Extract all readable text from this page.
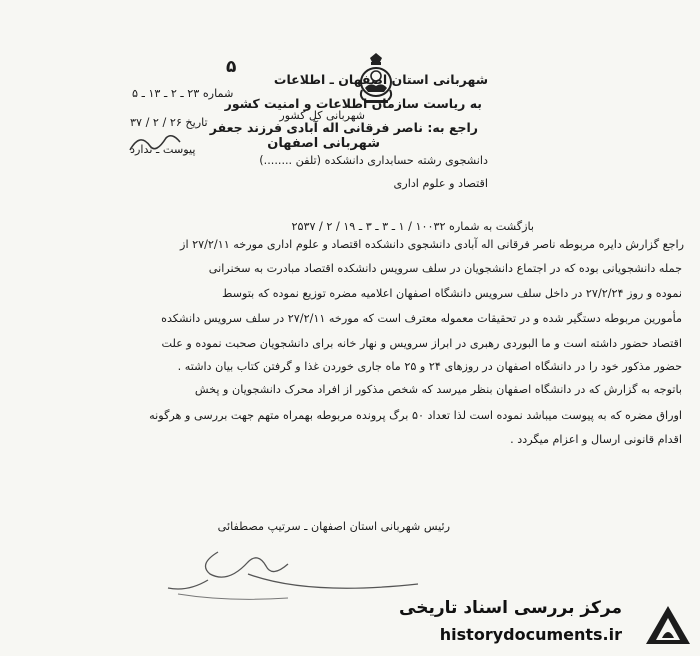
۵
شهربانی استان اصفهان ـ اطلاعات
به ریاست سازمان اطلاعات و امنیت کشور
شهربانی کل کشور
راجع به: ناصر فرقانی اله آبادی فرزند جعفر
شهربانی اصفهان
شماره ۲۳ ـ ۲ ـ ۱۳ ـ ۵
تاریخ ۲۶ / ۲ / ۳۷
پیوست ـ ندارد
دانشجوی رشته حسابداری دانشکده (تلفن ........)
اقتصاد و علوم اداری
بازگشت به شماره ۱۰۰۳۲ / ۱ ـ ۳ ـ ۳ ـ ۱۹ / ۲ / ۲۵۳۷
راجع گزارش دایره مربوطه ناصر فرقانی اله آبادی دانشجوی دانشکده اقتصاد و علوم اداری مورخه ۲۷/۲/۱۱ از
جمله دانشجویانی بوده که در اجتماع دانشجویان در سلف سرویس دانشکده اقتصاد مبادرت به سخنرانی
نموده و روز ۲۷/۲/۲۴ در داخل سلف سرویس دانشگاه اصفهان اعلامیه مضره توزیع نموده که بتوسط
مأمورین مربوطه دستگیر شده و در تحقیقات معموله معترف است که مورخه ۲۷/۲/۱۱ در سلف سرویس دانشکده
اقتصاد حضور داشته است و ما البوردی رهبری در ابراز سرویس و نهار خانه برای دانشجویان صحبت نموده و علت
حضور مذکور خود را در دانشگاه اصفهان در روزهای ۲۴ و ۲۵ ماه جاری خوردن غذا و گرفتن کتاب بیان داشته .
باتوجه به گزارش که در دانشگاه اصفهان بنظر میرسد که شخص مذکور از افراد محرک دانشجویان و پخش
اوراق مضره که به پیوست میباشد نموده است لذا تعداد ۵۰ برگ پرونده مربوطه بهمراه متهم جهت بررسی و هرگونه
اقدام قانونی ارسال و اعزام میگردد .
رئیس شهربانی استان اصفهان ـ سرتیپ مصطفائی
مرکز بررسی اسناد تاریخی
historydocuments.ir
